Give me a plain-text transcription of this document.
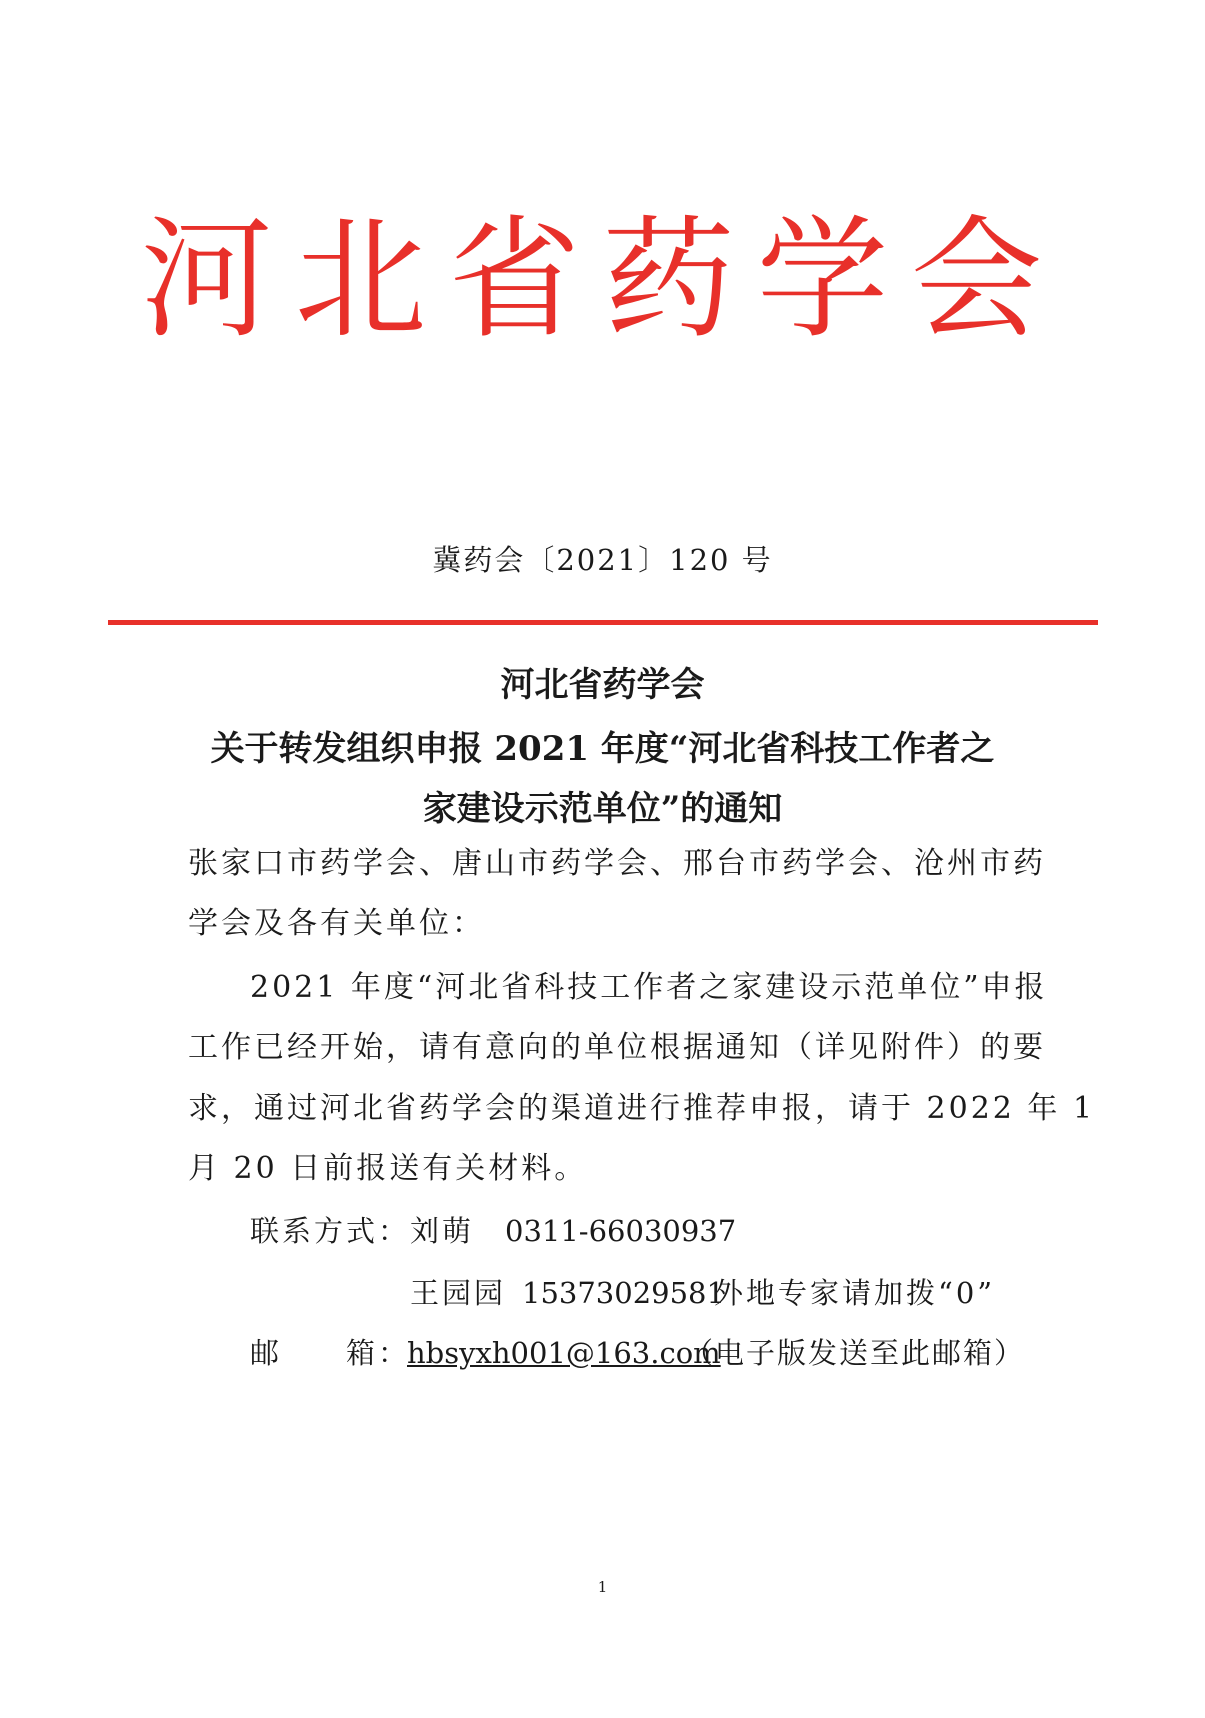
河北省药学会
冀药会〔2021〕120 号
河北省药学会
关于转发组织申报 2021 年度“河北省科技工作者之
家建设示范单位”的通知
张家口市药学会、唐山市药学会、邢台市药学会、沧州市药
学会及各有关单位：
2021 年度“河北省科技工作者之家建设示范单位”申报
工作已经开始，请有意向的单位根据通知（详见附件）的要
求，通过河北省药学会的渠道进行推荐申报，请于 2022 年 1
月 20 日前报送有关材料。
联系方式： 刘萌 0311-66030937
王园园 15373029581
外地专家请加拨“0”
邮 箱：
hbsyxh001@163.com
（电子版发送至此邮箱）
1
